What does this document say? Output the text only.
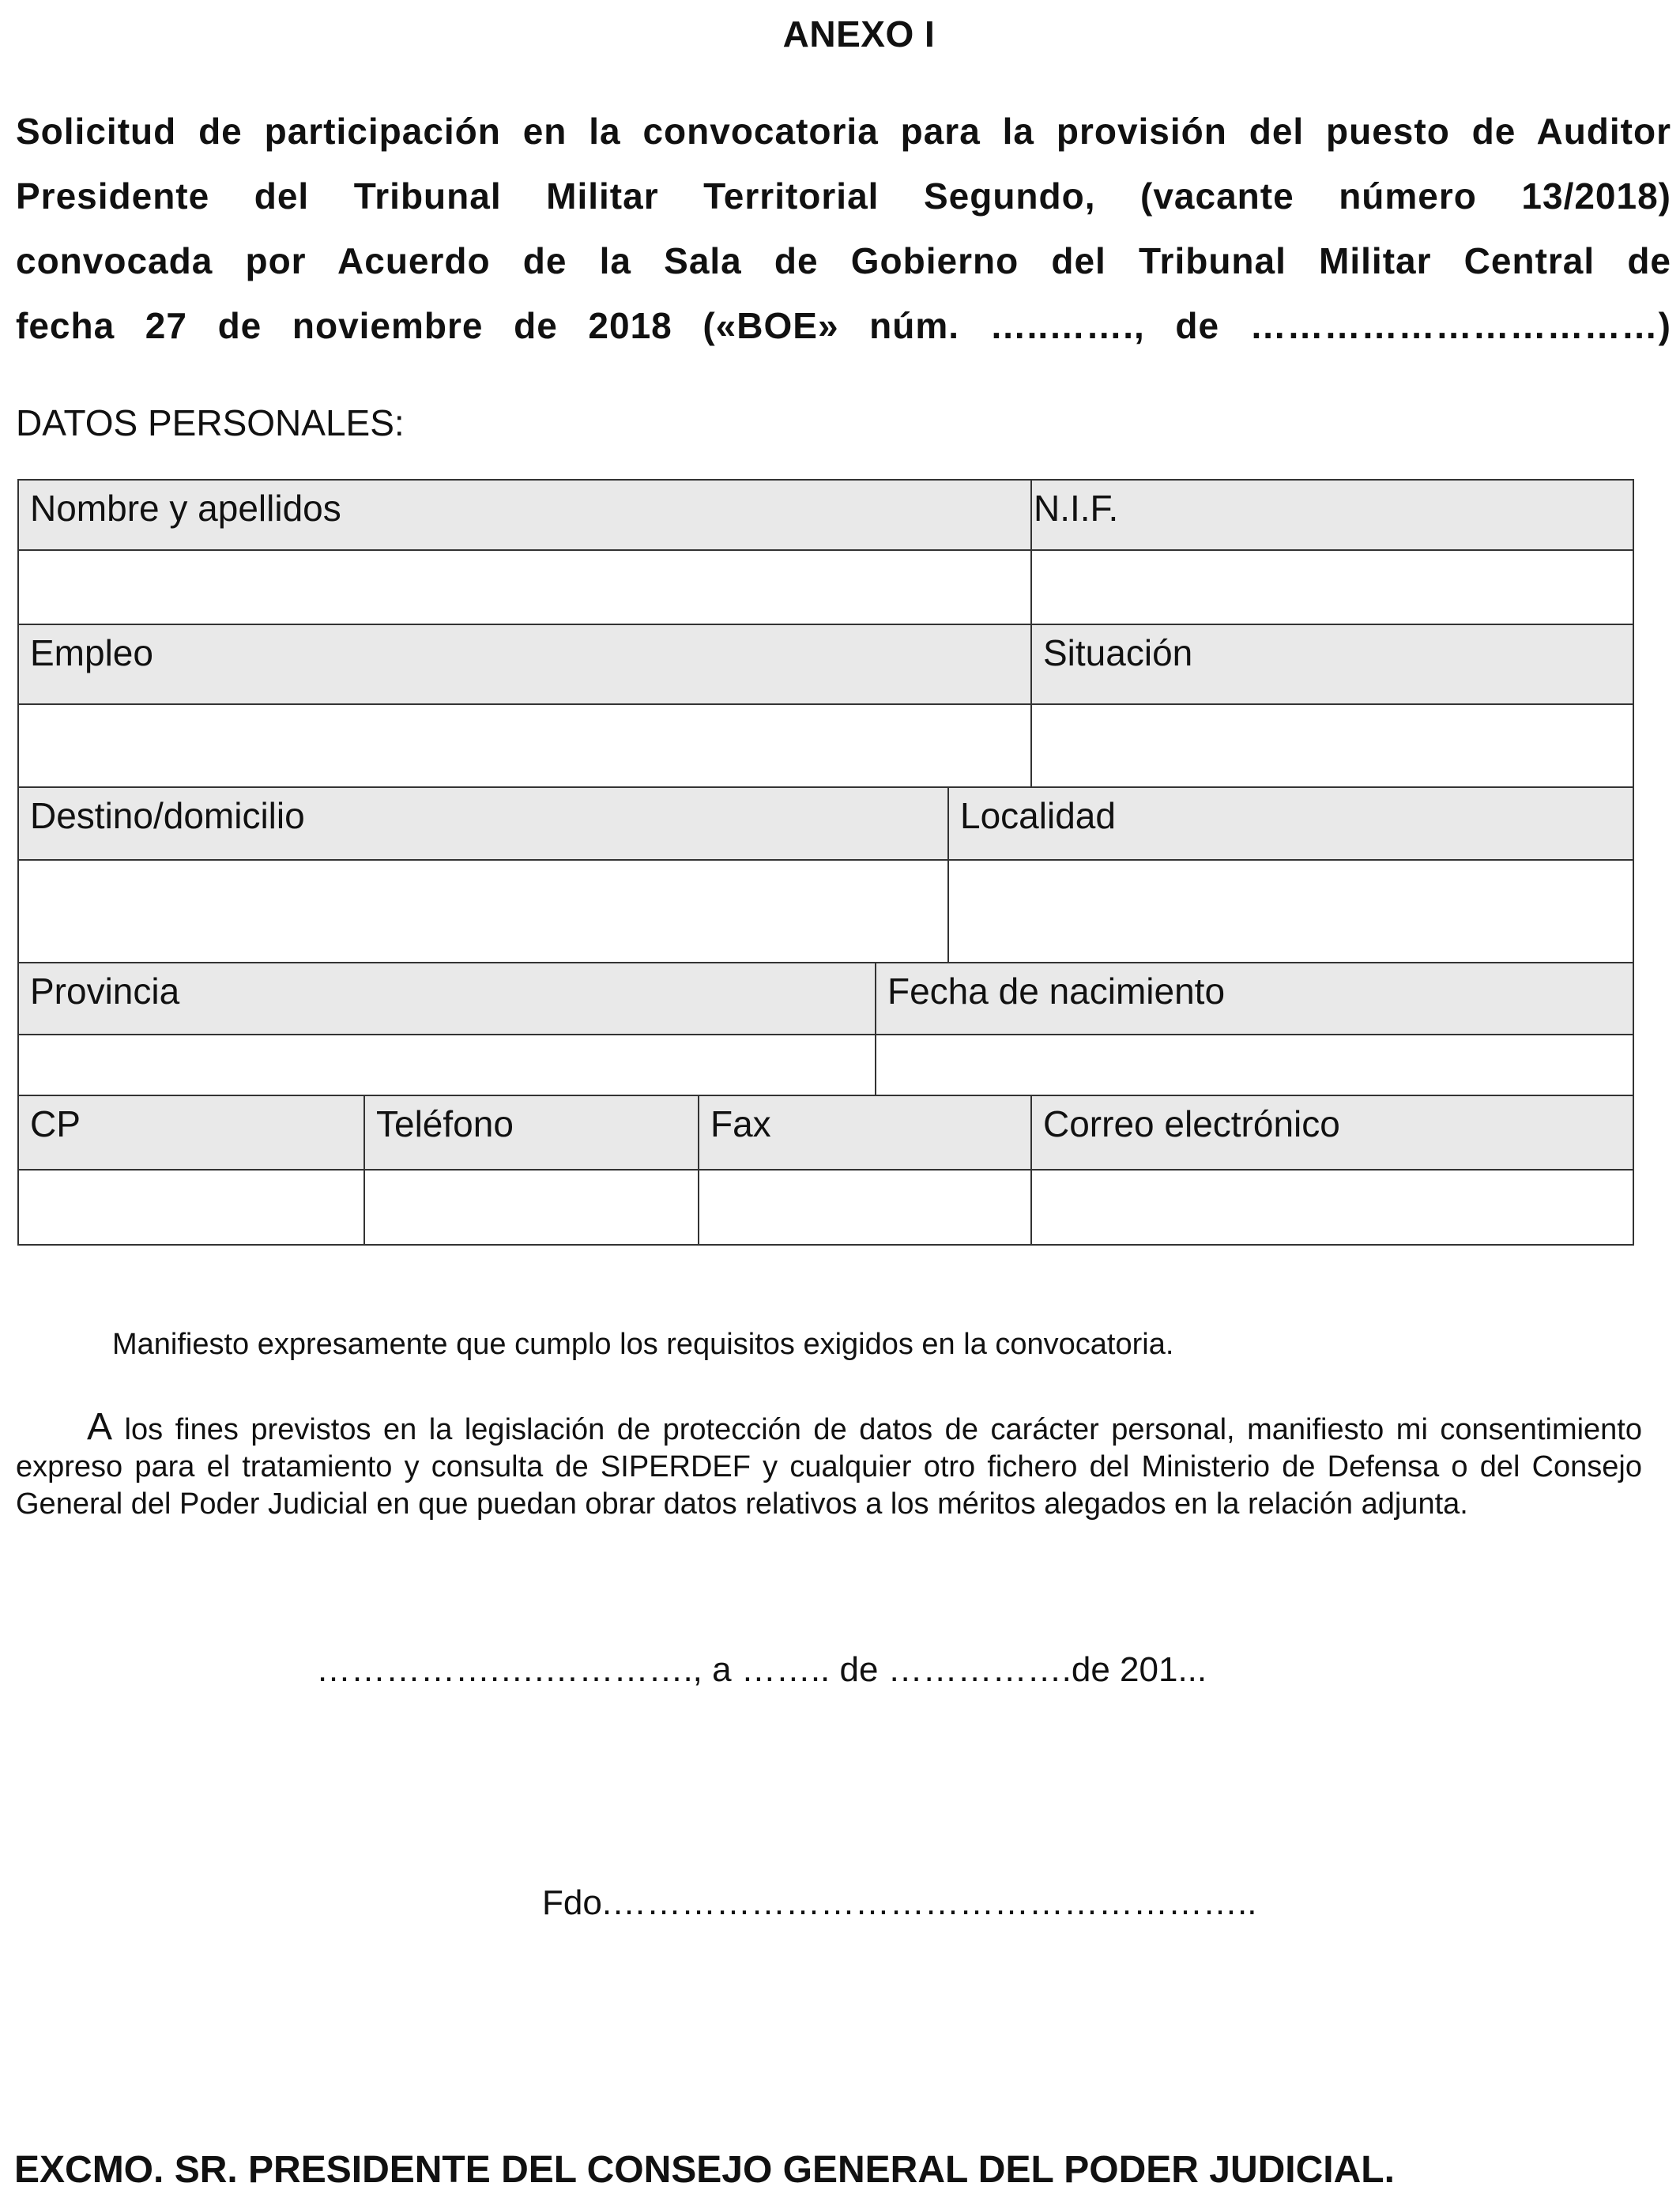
ANEXO I
Solicitud de participación en la convocatoria para la provisión del puesto de Auditor
Presidente del Tribunal Militar Territorial Segundo, (vacante número 13/2018)
convocada por Acuerdo de la Sala de Gobierno del Tribunal Militar Central de
fecha 27 de noviembre de 2018 («BOE» núm. …..……., de ……………………………)
DATOS PERSONALES:
Nombre y apellidos					N.I.F.

Empleo					Situación

Destino/domicilio				Localidad	

Provincia			Fecha de nacimiento		

CP	Teléfono	Fax			Correo electrónico

Manifiesto expresamente que cumplo los requisitos exigidos en la convocatoria.
A los fines previstos en la legislación de protección de datos de carácter personal, manifiesto mi consentimiento expreso para el tratamiento y consulta de SIPERDEF y cualquier otro fichero del Ministerio de Defensa o del Consejo General del Poder Judicial en que puedan obrar datos relativos a los méritos alegados en la relación adjunta.
…………….….…………., a …….. de …………….de 201...
Fdo.………………………………………………..
EXCMO. SR. PRESIDENTE DEL CONSEJO GENERAL DEL PODER JUDICIAL.
